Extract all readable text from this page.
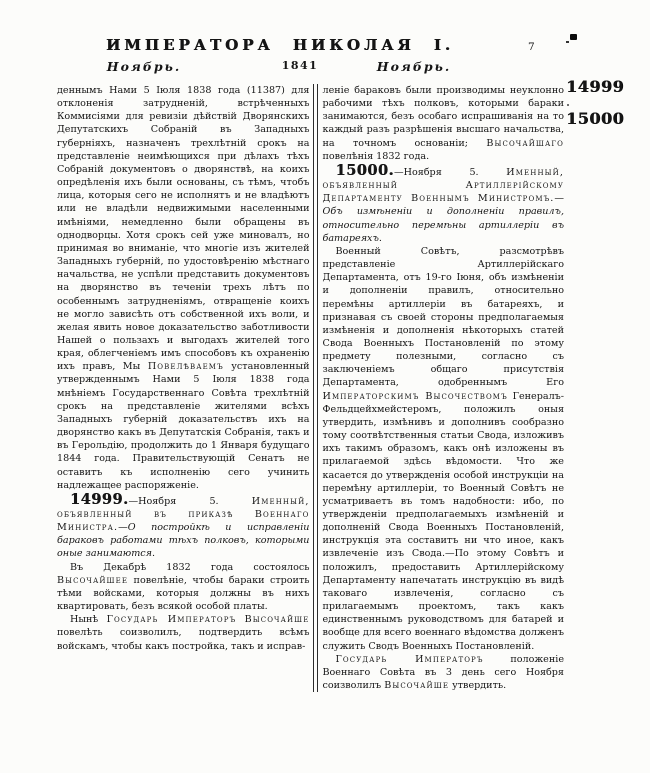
ИМПЕРАТОРА НИКОЛАЯ I.	7
Ноябрь.	1841	Ноябрь.

деннымъ Нами 5 Іюля 1838 года (11387) для отклоненія затрудненій, встрѣченныхъ Коммисіями для ревизіи дѣйствій Дворянскихъ Депутатскихъ Собраній въ Западныхъ губерніяхъ, назначенъ трехлѣтній срокъ на представленіе неимѣющихся при дѣлахъ тѣхъ Собраній документовъ о дворянствѣ, на коихъ опредѣленія ихъ были основаны, съ тѣмъ, чтобъ лица, которыя сего не исполнятъ и не владѣютъ или не владѣли недвижимыми населенными имѣніями, немедленно были обращены въ однодворцы. Хотя срокъ сей уже миновалъ, но принимая во вниманіе, что многіе изъ жителей Западныхъ губерній, по удостовѣренію мѣстнаго начальства, не успѣли представить документовъ на дворянство въ теченіи трехъ лѣтъ по особеннымъ затрудненіямъ, отвращеніе коихъ не могло зависѣть отъ собственной ихъ воли, и желая явить новое доказательство заботливости Нашей о пользахъ и выгодахъ жителей того края, облегченіемъ имъ способовъ къ охраненію ихъ правъ, Мы Повелѣваемъ установленный утвержденнымъ Нами 5 Іюля 1838 года мнѣніемъ Государственнаго Совѣта трехлѣтній срокъ на представленіе жителями всѣхъ Западныхъ губерній доказательствъ ихъ на дворянство какъ въ Депутатскія Собранія, такъ и въ Герольдію, продолжить до 1 Января будущаго 1844 года. Правительствующій Сенатъ не оставитъ къ исполненію сего учинить надлежащее распоряженіе.

14999.—Ноября 5. Именный, объявленный въ приказѣ Военнаго Министра.—О постройкѣ и исправленіи бараковъ работами тѣхъ полковъ, которыми оные занимаются.

Въ Декабрѣ 1832 года состоялось Высочайшее повелѣніе, чтобы бараки строить тѣми войсками, которыя должны въ нихъ квартировать, безъ всякой особой платы.

Нынѣ Государь Императоръ Высочайше повелѣть соизволилъ, подтвердить всѣмъ войскамъ, чтобы какъ постройка, такъ и исправ-

леніе бараковъ были производимы неуклонно рабочими тѣхъ полковъ, которыми бараки занимаются, безъ особаго испрашиванія на то каждый разъ разрѣшенія высшаго начальства, на точномъ основаніи; Высочайшаго повелѣнія 1832 года.

15000.—Ноября 5. Именный, объявленный Артиллерійскому Департаменту Военнымъ Министромъ.—Объ измѣненіи и дополненіи правилъ, относительно перемѣны артиллеріи въ батареяхъ.

Военный Совѣтъ, разсмотрѣвъ представленіе Артиллерійскаго Департамента, отъ 19-го Іюня, объ измѣненіи и дополненіи правилъ, относительно перемѣны артиллеріи въ батареяхъ, и признавая съ своей стороны предполагаемыя измѣненія и дополненія нѣкоторыхъ статей Свода Военныхъ Постановленій по этому предмету полезными, согласно съ заключеніемъ общаго присутствія Департамента, одобреннымъ Его Императорскимъ Высочествомъ Генералъ-Фельдцейхмейстеромъ, положилъ оныя утвердить, измѣнивъ и дополнивъ сообразно тому соотвѣтственныя статьи Свода, изложивъ ихъ такимъ образомъ, какъ онѣ изложены въ прилагаемой здѣсь вѣдомости. Что же касается до утвержденія особой инструкціи на перемѣну артиллеріи, то Военный Совѣтъ не усматриваетъ въ томъ надобности: ибо, по утвержденіи предполагаемыхъ измѣненій и дополненій Свода Военныхъ Постановленій, инструкція эта составитъ ни что иное, какъ извлеченіе изъ Свода.—По этому Совѣтъ и положилъ, предоставить Артиллерійскому Департаменту напечатать инструкцію въ видѣ таковаго извлеченія, согласно съ прилагаемымъ проектомъ, такъ какъ единственнымъ руководствомъ для батарей и вообще для всего военнаго вѣдомства долженъ служить Сводъ Военныхъ Постановленій.

Государь Императоръ положеніе Военнаго Совѣта въ 3 день сего Ноября соизволилъ Высочайше утвердить.

14999
15000
